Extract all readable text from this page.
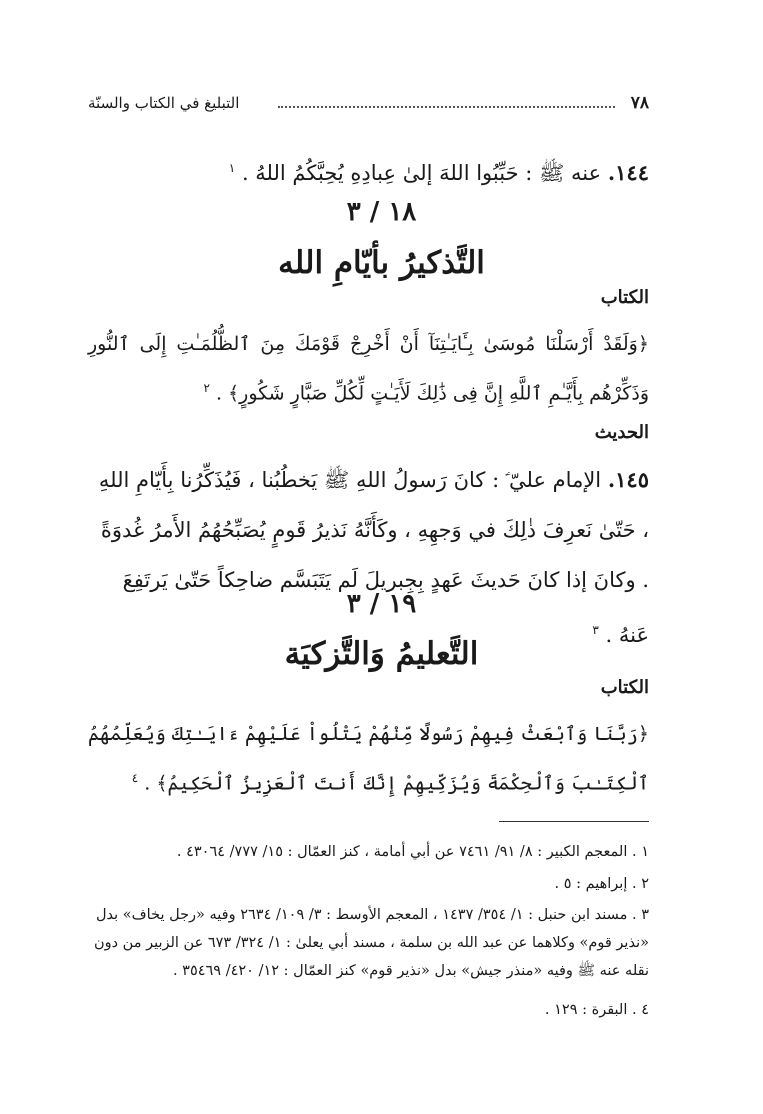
٧٨
التبليغ في الكتاب والسنّة
١٤٤. عنه ﷺ : حَبِّبُوا اللهَ إلىٰ عِبادِهِ يُحِبَّكُمُ اللهُ . $^١$
١٨ / ٣
التَّذكيرُ بأيّامِ الله
الكتاب
﴿وَلَقَدْ أَرْسَلْنَا مُوسَىٰ بِـَٔايَـٰتِنَآ أَنْ أَخْرِجْ قَوْمَكَ مِنَ ٱلظُّلُمَـٰتِ إِلَى ٱلنُّورِ وَذَكِّرْهُم بِأَيَّـٰمِ ٱللَّهِ إِنَّ فِى ذَٰلِكَ لَأَيَـٰتٍ لِّكُلِّ صَبَّارٍ شَكُورٍ﴾ . $^٢$
الحديث
١٤٥. الإمام عليّ ؑ : كانَ رَسولُ اللهِ ﷺ يَخطُبُنا ، فَيُذَكِّرُنا بِأَيّامِ اللهِ ، حَتّىٰ نَعرِفَ ذٰلِكَ في وَجهِهِ ، وكَأَنَّهُ نَذيرُ قَومٍ يُصَبِّحُهُمُ الأَمرُ غُدوَةً . وكانَ إذا كانَ حَديثَ عَهدٍ بِجِبريلَ لَم يَتَبَسَّم ضاحِكاً حَتّىٰ يَرتَفِعَ عَنهُ . $^٣$
١٩ / ٣
التَّعليمُ وَالتَّزكيَة
الكتاب
﴿رَبَّنَا وَٱبْعَثْ فِيهِمْ رَسُولًا مِّنْهُمْ يَتْلُواْ عَلَيْهِمْ ءَايَـٰتِكَ وَيُعَلِّمُهُمُ ٱلْكِتَـٰبَ وَٱلْحِكْمَةَ وَيُزَكِّيهِمْ إِنَّكَ أَنتَ ٱلْعَزِيزُ ٱلْحَكِيمُ﴾ . $^٤$
١ . المعجم الكبير : ٨/ ٩١/ ٧٤٦١ عن أبي أمامة ، كنز العمّال : ١٥/ ٧٧٧/ ٤٣٠٦٤ .
٢ . إبراهيم : ٥ .
٣ . مسند ابن حنبل : ١/ ٣٥٤/ ١٤٣٧ ، المعجم الأوسط : ٣/ ١٠٩/ ٢٦٣٤ وفيه «رجل يخاف» بدل «نذير قوم» وكلاهما عن عبد الله بن سلمة ، مسند أبي يعلىٰ : ١/ ٣٢٤/ ٦٧٣ عن الزبير من دون نقله عنه ﷺ وفيه «منذر جيش» بدل «نذير قوم» كنز العمّال : ١٢/ ٤٢٠/ ٣٥٤٦٩ .
٤ . البقرة : ١٢٩ .
